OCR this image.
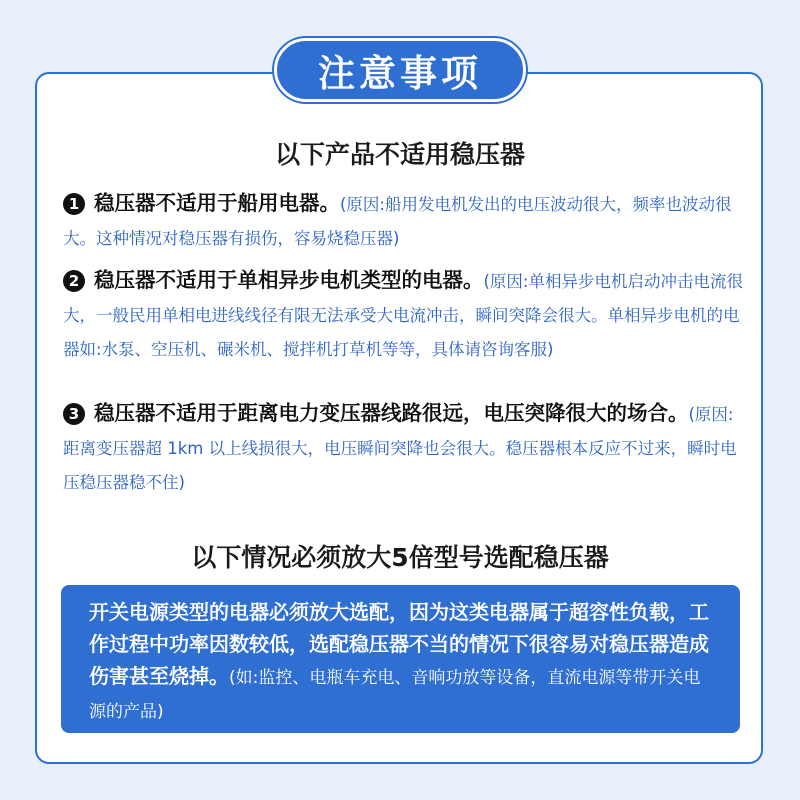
注意事项
以下产品不适用稳压器
1 稳压器不适用于船用电器。(原因:船用发电机发出的电压波动很大，频率也波动很大。这种情况对稳压器有损伤，容易烧稳压器)
2 稳压器不适用于单相异步电机类型的电器。(原因:单相异步电机启动冲击电流很大，一般民用单相电进线线径有限无法承受大电流冲击，瞬间突降会很大。单相异步电机的电器如:水泵、空压机、碾米机、搅拌机打草机等等，具体请咨询客服)
3 稳压器不适用于距离电力变压器线路很远，电压突降很大的场合。(原因:距离变压器超 1km 以上线损很大，电压瞬间突降也会很大。稳压器根本反应不过来，瞬时电压稳压器稳不住)
以下情况必须放大5倍型号选配稳压器
开关电源类型的电器必须放大选配，因为这类电器属于超容性负载，工作过程中功率因数较低，选配稳压器不当的情况下很容易对稳压器造成伤害甚至烧掉。(如:监控、电瓶车充电、音响功放等设备，直流电源等带开关电源的产品)
